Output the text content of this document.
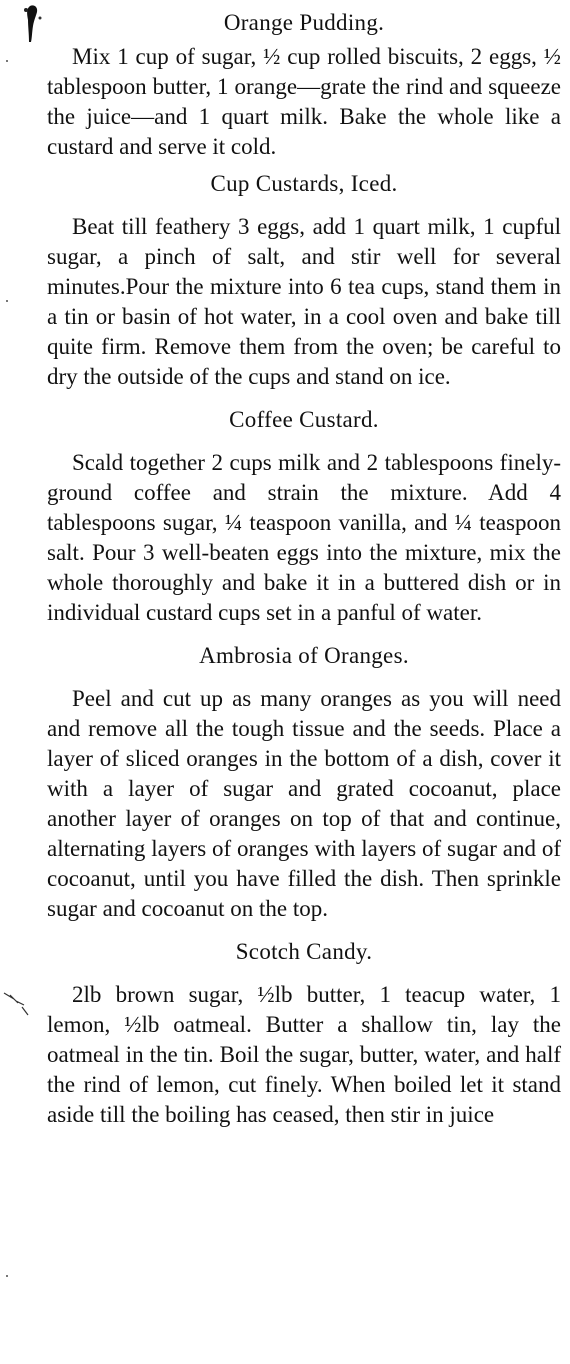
Orange Pudding.

Mix 1 cup of sugar, ½ cup rolled biscuits, 2 eggs, ½ tablespoon butter, 1 orange—grate the rind and squeeze the juice—and 1 quart milk. Bake the whole like a custard and serve it cold.

Cup Custards, Iced.

Beat till feathery 3 eggs, add 1 quart milk, 1 cupful sugar, a pinch of salt, and stir well for several minutes.Pour the mixture into 6 tea cups, stand them in a tin or basin of hot water, in a cool oven and bake till quite firm. Remove them from the oven; be careful to dry the outside of the cups and stand on ice.

Coffee Custard.

Scald together 2 cups milk and 2 tablespoons finely-ground coffee and strain the mixture. Add 4 tablespoons sugar, ¼ teaspoon vanilla, and ¼ teaspoon salt. Pour 3 well-beaten eggs into the mixture, mix the whole thoroughly and bake it in a buttered dish or in individual custard cups set in a panful of water.

Ambrosia of Oranges.

Peel and cut up as many oranges as you will need and remove all the tough tissue and the seeds. Place a layer of sliced oranges in the bottom of a dish, cover it with a layer of sugar and grated cocoanut, place another layer of oranges on top of that and continue, alternating layers of oranges with layers of sugar and of cocoanut, until you have filled the dish. Then sprinkle sugar and cocoanut on the top.

Scotch Candy.

2lb brown sugar, ½lb butter, 1 teacup water, 1 lemon, ½lb oatmeal. Butter a shallow tin, lay the oatmeal in the tin. Boil the sugar, butter, water, and half the rind of lemon, cut finely. When boiled let it stand aside till the boiling has ceased, then stir in juice
